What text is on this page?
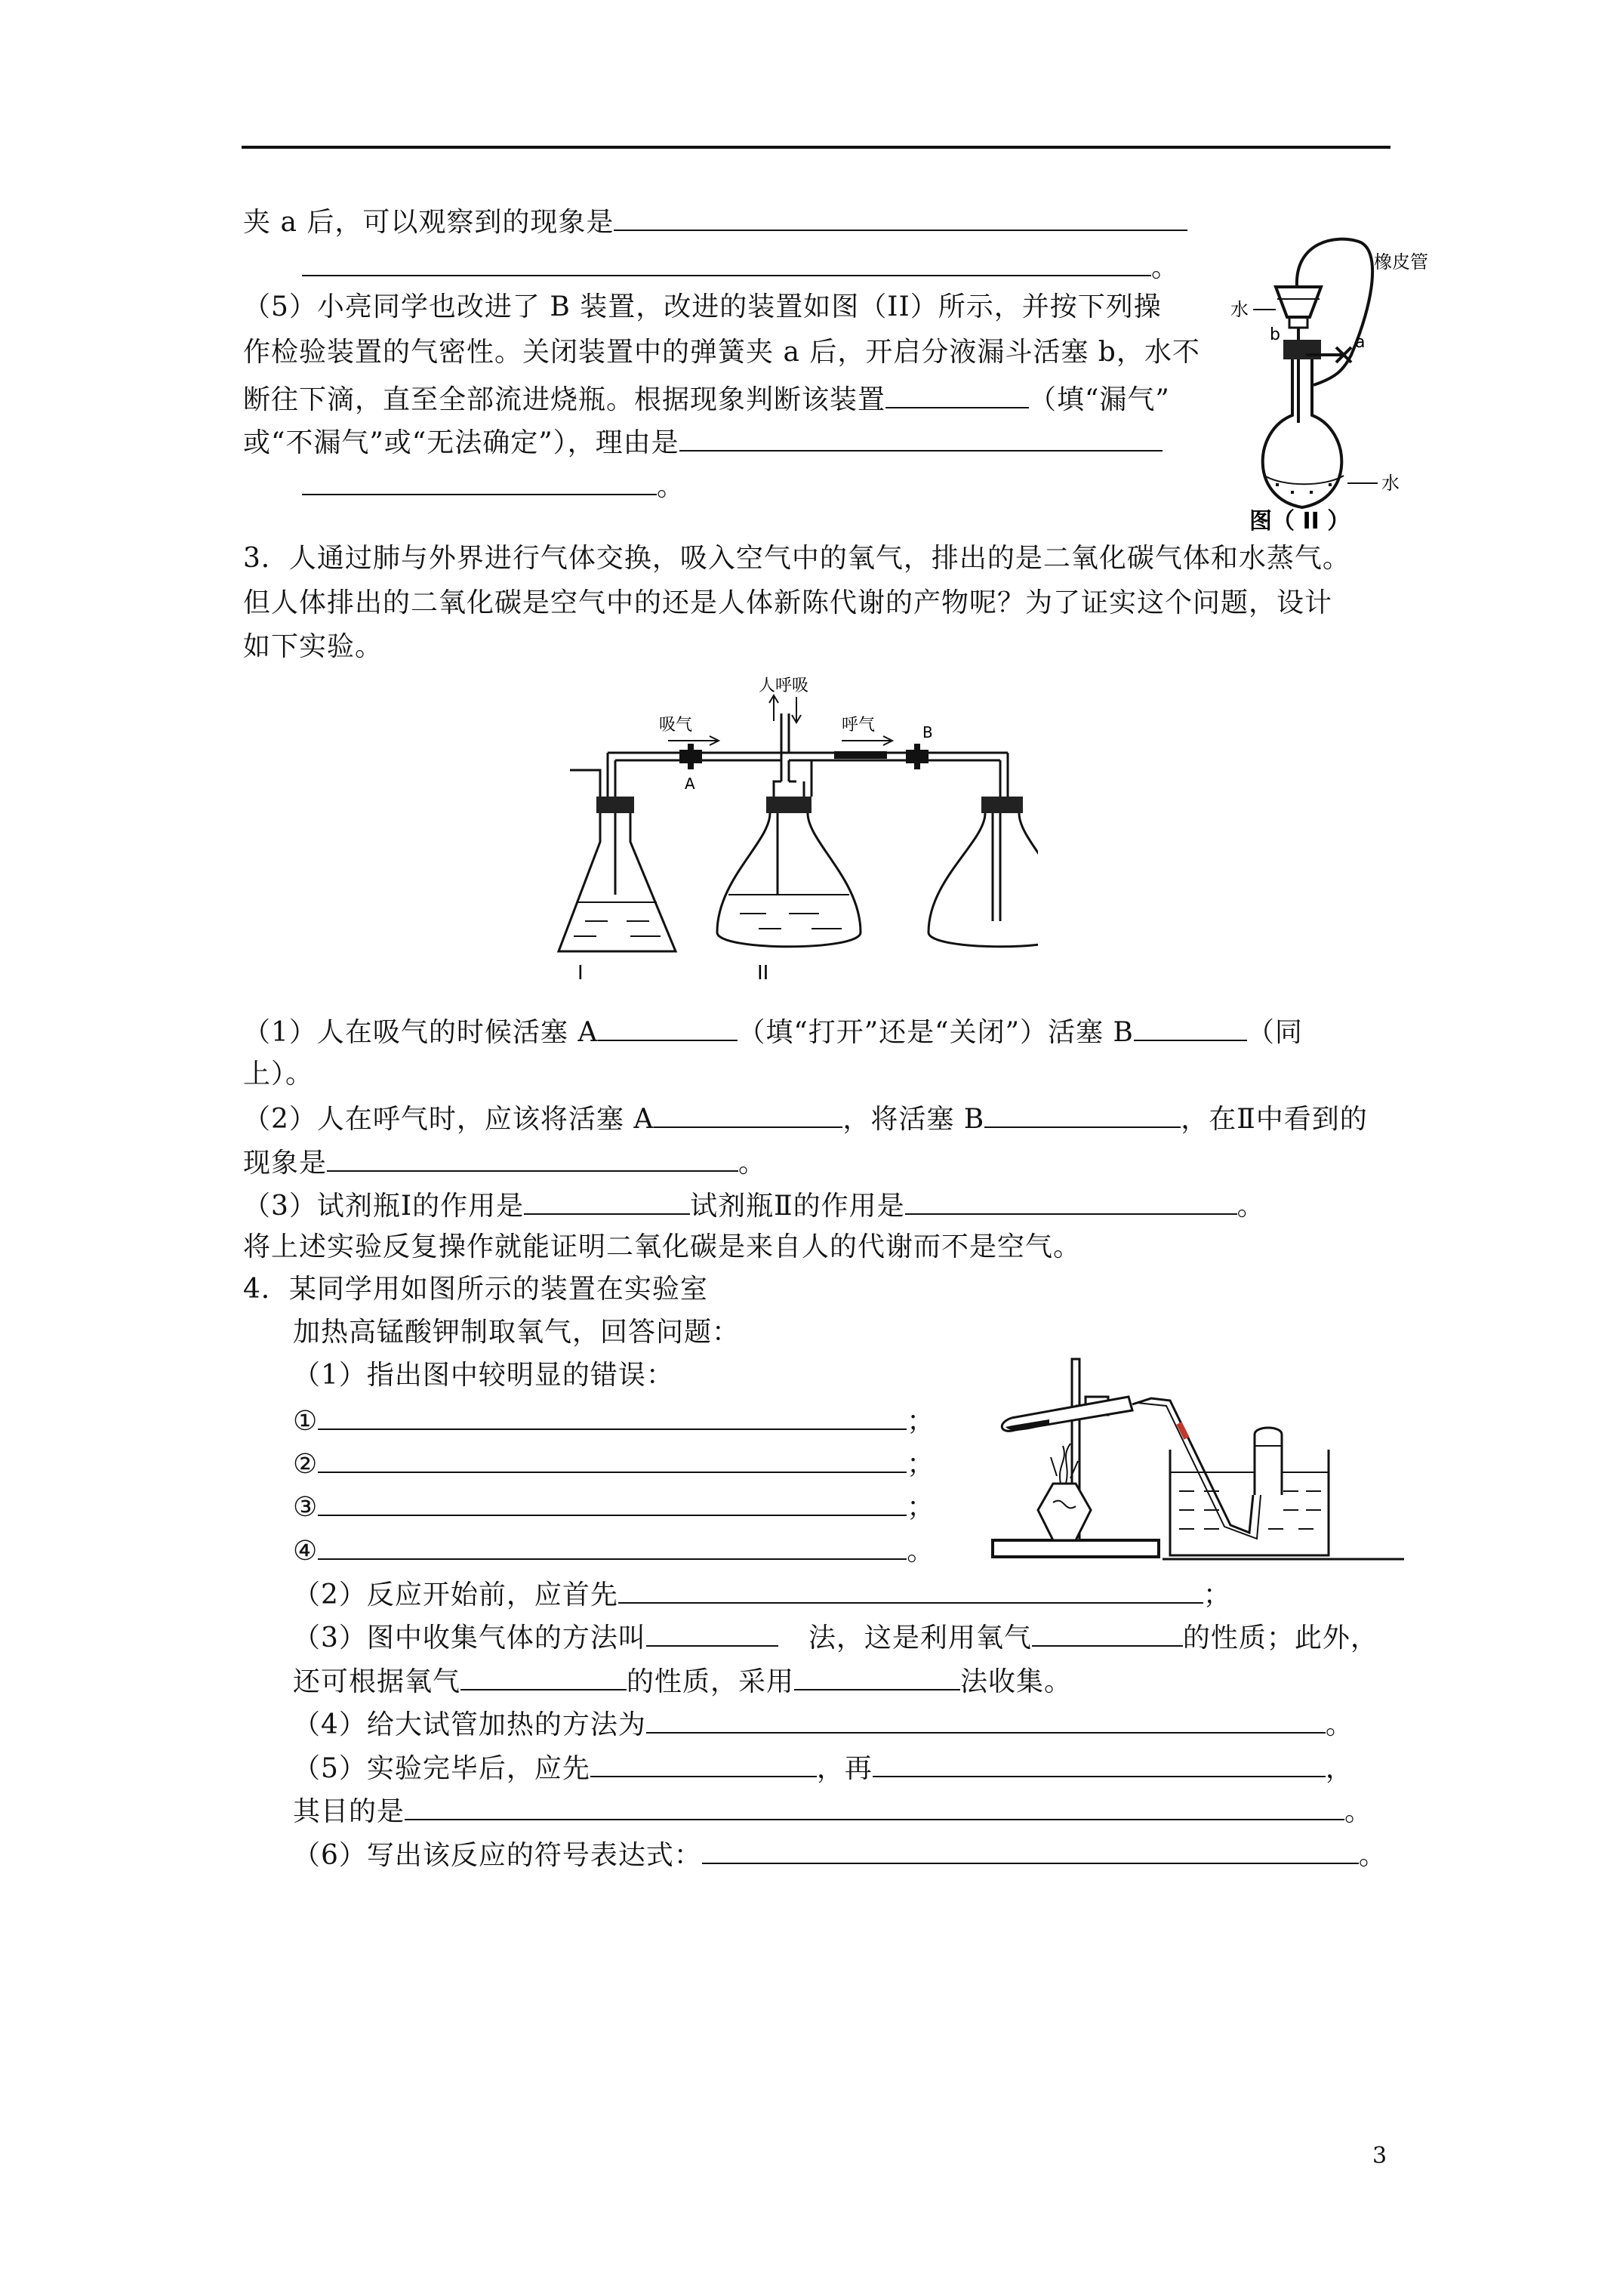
夹 a 后，可以观察到的现象是
。
（5）小亮同学也改进了 B 装置，改进的装置如图（II）所示，并按下列操
作检验装置的气密性。关闭装置中的弹簧夹 a 后，开启分液漏斗活塞 b，水不
断往下滴，直至全部流进烧瓶。根据现象判断该装置	（填“漏气”
或“不漏气”或“无法确定”），理由是
。
橡皮管
水
b	a
水
图（ II ）
3．人通过肺与外界进行气体交换，吸入空气中的氧气，排出的是二氧化碳气体和水蒸气。
但人体排出的二氧化碳是空气中的还是人体新陈代谢的产物呢？为了证实这个问题，设计
如下实验。
人呼吸
吸气	呼气
A
B
I	II
（1）人在吸气的时候活塞 A	（填“打开”还是“关闭”）活塞 B	（同
上）。
（2）人在呼气时，应该将活塞 A	，将活塞 B	，在Ⅱ中看到的
现象是	。
（3）试剂瓶Ⅰ的作用是	试剂瓶Ⅱ的作用是	。
将上述实验反复操作就能证明二氧化碳是来自人的代谢而不是空气。
4．某同学用如图所示的装置在实验室
加热高锰酸钾制取氧气，回答问题：
（1）指出图中较明显的错误：
①	；
②	；
③	；
④	。
（2）反应开始前，应首先	；
（3）图中收集气体的方法叫	法，这是利用氧气	的性质；此外，
还可根据氧气	的性质，采用	法收集。
（4）给大试管加热的方法为	。
（5）实验完毕后，应先	，再	，
其目的是	。
（6）写出该反应的符号表达式：	。
3
